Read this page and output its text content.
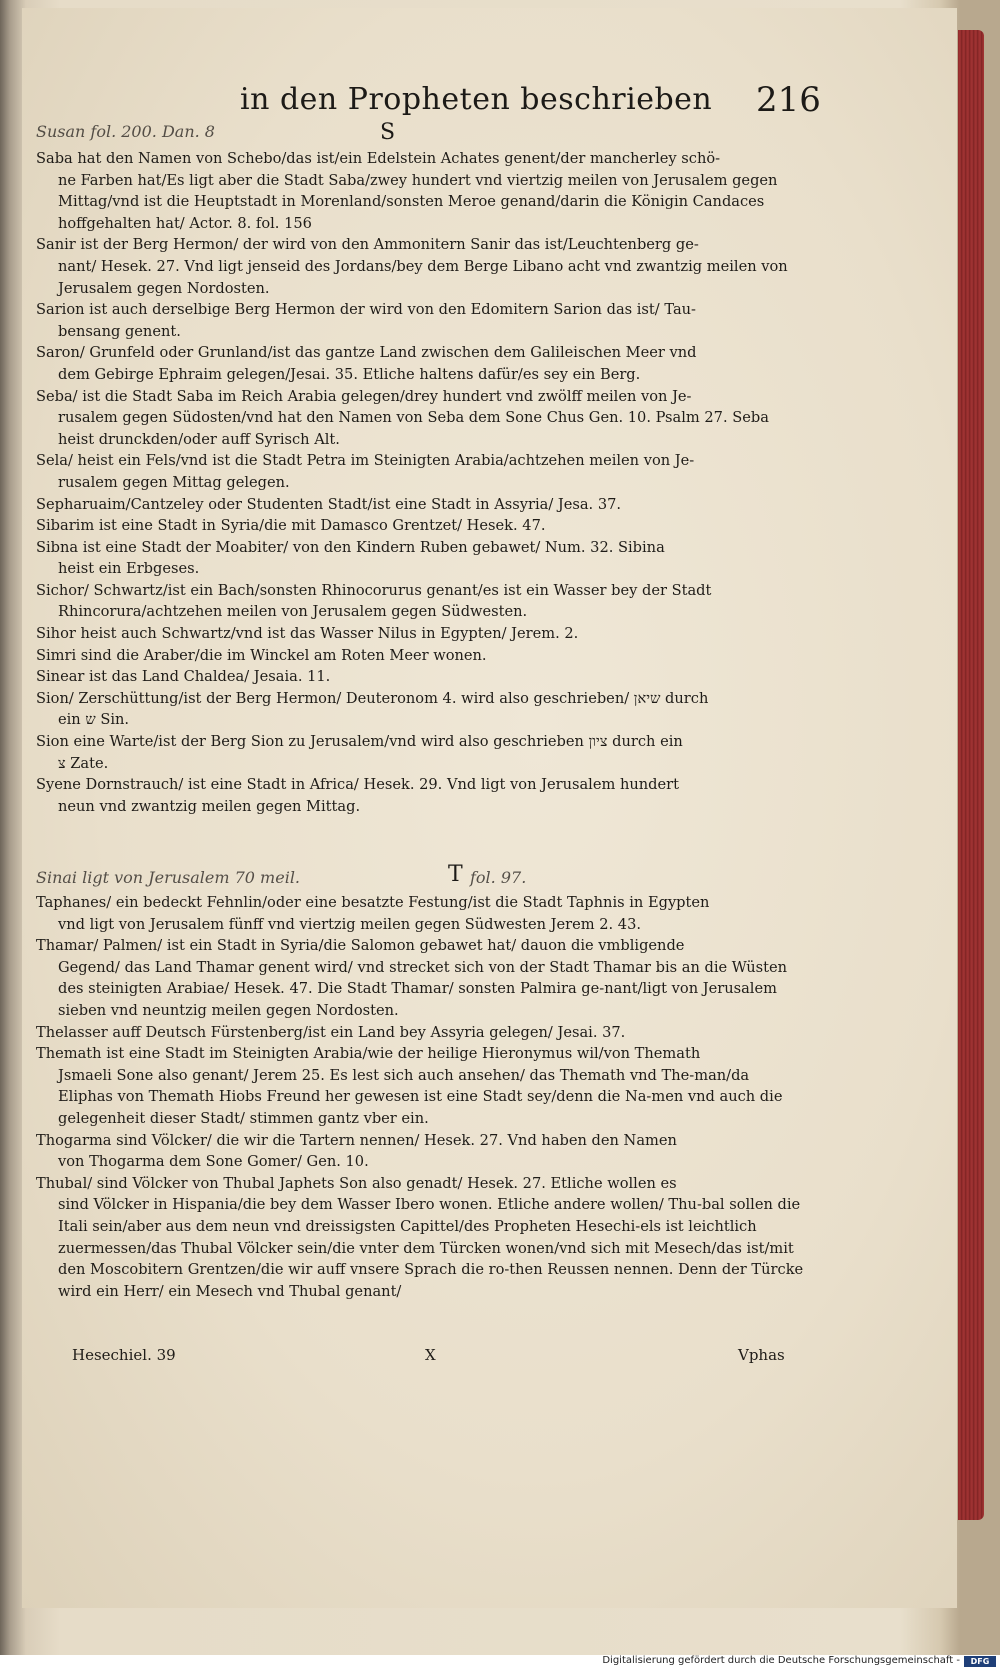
in den Propheten beschrieben 216
Susan fol. 200. Dan. 8	S
Saba hat den Namen von Schebo/das ist/ein Edelstein Achates genent/der mancherley schö-
ne Farben hat/Es ligt aber die Stadt Saba/zwey hundert vnd viertzig meilen von Jerusalem gegen Mittag/vnd ist die Heuptstadt in Morenland/sonsten Meroe genand/darin die Königin Candaces hoffgehalten hat/ Actor. 8. fol. 156
Sanir ist der Berg Hermon/ der wird von den Ammonitern Sanir das ist/Leuchtenberg ge-
nant/ Hesek. 27. Vnd ligt jenseid des Jordans/bey dem Berge Libano acht vnd zwantzig meilen von Jerusalem gegen Nordosten.
Sarion ist auch derselbige Berg Hermon der wird von den Edomitern Sarion das ist/ Tau-
bensang genent.
Saron/ Grunfeld oder Grunland/ist das gantze Land zwischen dem Galileischen Meer vnd
dem Gebirge Ephraim gelegen/Jesai. 35. Etliche haltens dafür/es sey ein Berg.
Seba/ ist die Stadt Saba im Reich Arabia gelegen/drey hundert vnd zwölff meilen von Je-
rusalem gegen Südosten/vnd hat den Namen von Seba dem Sone Chus Gen. 10. Psalm 27. Seba heist drunckden/oder auff Syrisch Alt.
Sela/ heist ein Fels/vnd ist die Stadt Petra im Steinigten Arabia/achtzehen meilen von Je-
rusalem gegen Mittag gelegen.
Sepharuaim/Cantzeley oder Studenten Stadt/ist eine Stadt in Assyria/ Jesa. 37.
Sibarim ist eine Stadt in Syria/die mit Damasco Grentzet/ Hesek. 47.
Sibna ist eine Stadt der Moabiter/ von den Kindern Ruben gebawet/ Num. 32. Sibina
heist ein Erbgeses.
Sichor/ Schwartz/ist ein Bach/sonsten Rhinocorurus genant/es ist ein Wasser bey der Stadt
Rhincorura/achtzehen meilen von Jerusalem gegen Südwesten.
Sihor heist auch Schwartz/vnd ist das Wasser Nilus in Egypten/ Jerem. 2.
Simri sind die Araber/die im Winckel am Roten Meer wonen.
Sinear ist das Land Chaldea/ Jesaia. 11.
Sion/ Zerschüttung/ist der Berg Hermon/ Deuteronom 4. wird also geschrieben/ שיאן durch
ein ש Sin.
Sion eine Warte/ist der Berg Sion zu Jerusalem/vnd wird also geschrieben ציון durch ein
צ Zate.
Syene Dornstrauch/ ist eine Stadt in Africa/ Hesek. 29. Vnd ligt von Jerusalem hundert
neun vnd zwantzig meilen gegen Mittag.
Sinai ligt von Jerusalem 70 meil.	T fol. 97.
Taphanes/ ein bedeckt Fehnlin/oder eine besatzte Festung/ist die Stadt Taphnis in Egypten
vnd ligt von Jerusalem fünff vnd viertzig meilen gegen Südwesten Jerem 2. 43.
Thamar/ Palmen/ ist ein Stadt in Syria/die Salomon gebawet hat/ dauon die vmbligende
Gegend/ das Land Thamar genent wird/ vnd strecket sich von der Stadt Thamar bis an die Wüsten des steinigten Arabiae/ Hesek. 47. Die Stadt Thamar/ sonsten Palmira ge-nant/ligt von Jerusalem sieben vnd neuntzig meilen gegen Nordosten.
Thelasser auff Deutsch Fürstenberg/ist ein Land bey Assyria gelegen/ Jesai. 37.
Themath ist eine Stadt im Steinigten Arabia/wie der heilige Hieronymus wil/von Themath
Jsmaeli Sone also genant/ Jerem 25. Es lest sich auch ansehen/ das Themath vnd The-man/da Eliphas von Themath Hiobs Freund her gewesen ist eine Stadt sey/denn die Na-men vnd auch die gelegenheit dieser Stadt/ stimmen gantz vber ein.
Thogarma sind Völcker/ die wir die Tartern nennen/ Hesek. 27. Vnd haben den Namen
von Thogarma dem Sone Gomer/ Gen. 10.
Thubal/ sind Völcker von Thubal Japhets Son also genadt/ Hesek. 27. Etliche wollen es
sind Völcker in Hispania/die bey dem Wasser Ibero wonen. Etliche andere wollen/ Thu-bal sollen die Itali sein/aber aus dem neun vnd dreissigsten Capittel/des Propheten Hesechi-els ist leichtlich zuermessen/das Thubal Völcker sein/die vnter dem Türcken wonen/vnd sich mit Mesech/das ist/mit den Moscobitern Grentzen/die wir auff vnsere Sprach die ro-then Reussen nennen. Denn der Türcke wird ein Herr/ ein Mesech vnd Thubal genant/
Hesechiel. 39	X	Vphas
Digitalisierung gefördert durch die Deutsche Forschungsgemeinschaft -	DFG
